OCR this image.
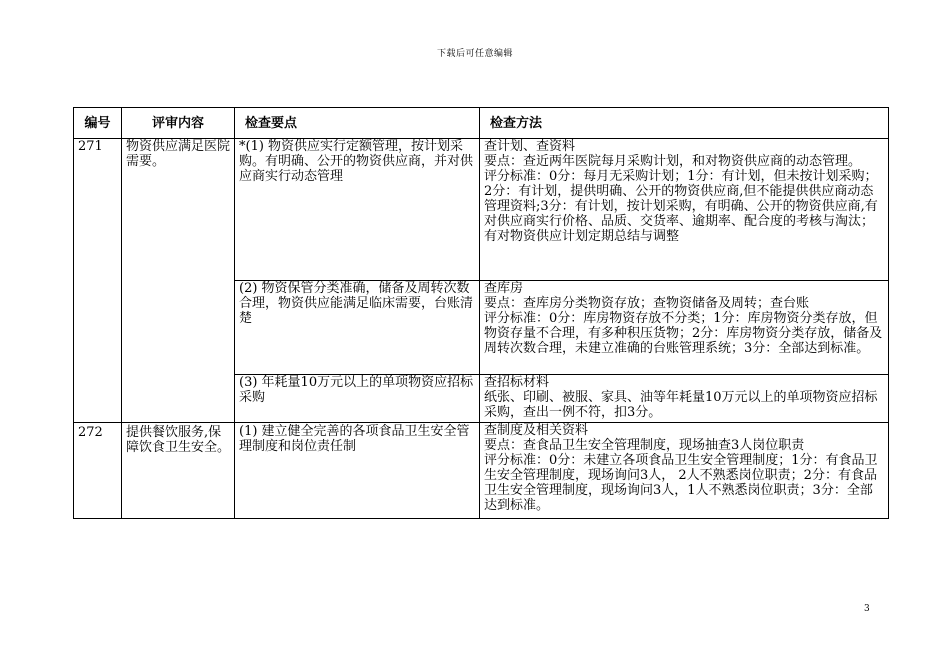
下载后可任意编辑
编号	评审内容	检查要点	检查方法
271	物资供应满足医院需要。	*(1) 物资供应实行定额管理，按计划采购。有明确、公开的物资供应商，并对供应商实行动态管理	查计划、查资料
要点：查近两年医院每月采购计划，和对物资供应商的动态管理。
评分标准：0分：每月无采购计划；1分：有计划，但未按计划采购；2分：有计划，提供明确、公开的物资供应商,但不能提供供应商动态管理资料;3分：有计划，按计划采购，有明确、公开的物资供应商,有对供应商实行价格、品质、交货率、逾期率、配合度的考核与淘汰；有对物资供应计划定期总结与调整

		(2) 物资保管分类准确，储备及周转次数合理，物资供应能满足临床需要，台账清楚	查库房
要点：查库房分类物资存放；查物资储备及周转；查台账
评分标准：0分：库房物资存放不分类；1分：库房物资分类存放，但物资存量不合理，有多种积压货物；2分：库房物资分类存放，储备及周转次数合理，未建立准确的台账管理系统；3分：全部达到标准。

		(3) 年耗量10万元以上的单项物资应招标采购	查招标材料
纸张、印刷、被服、家具、油等年耗量10万元以上的单项物资应招标采购，查出一例不符，扣3分。

272	提供餐饮服务,保障饮食卫生安全。	(1) 建立健全完善的各项食品卫生安全管理制度和岗位责任制	查制度及相关资料
要点：查食品卫生安全管理制度，现场抽查3人岗位职责
评分标准：0分：未建立各项食品卫生安全管理制度；1分：有食品卫生安全管理制度，现场询问3人， 2人不熟悉岗位职责；2分：有食品卫生安全管理制度，现场询问3人，1人不熟悉岗位职责；3分：全部达到标准。
3
